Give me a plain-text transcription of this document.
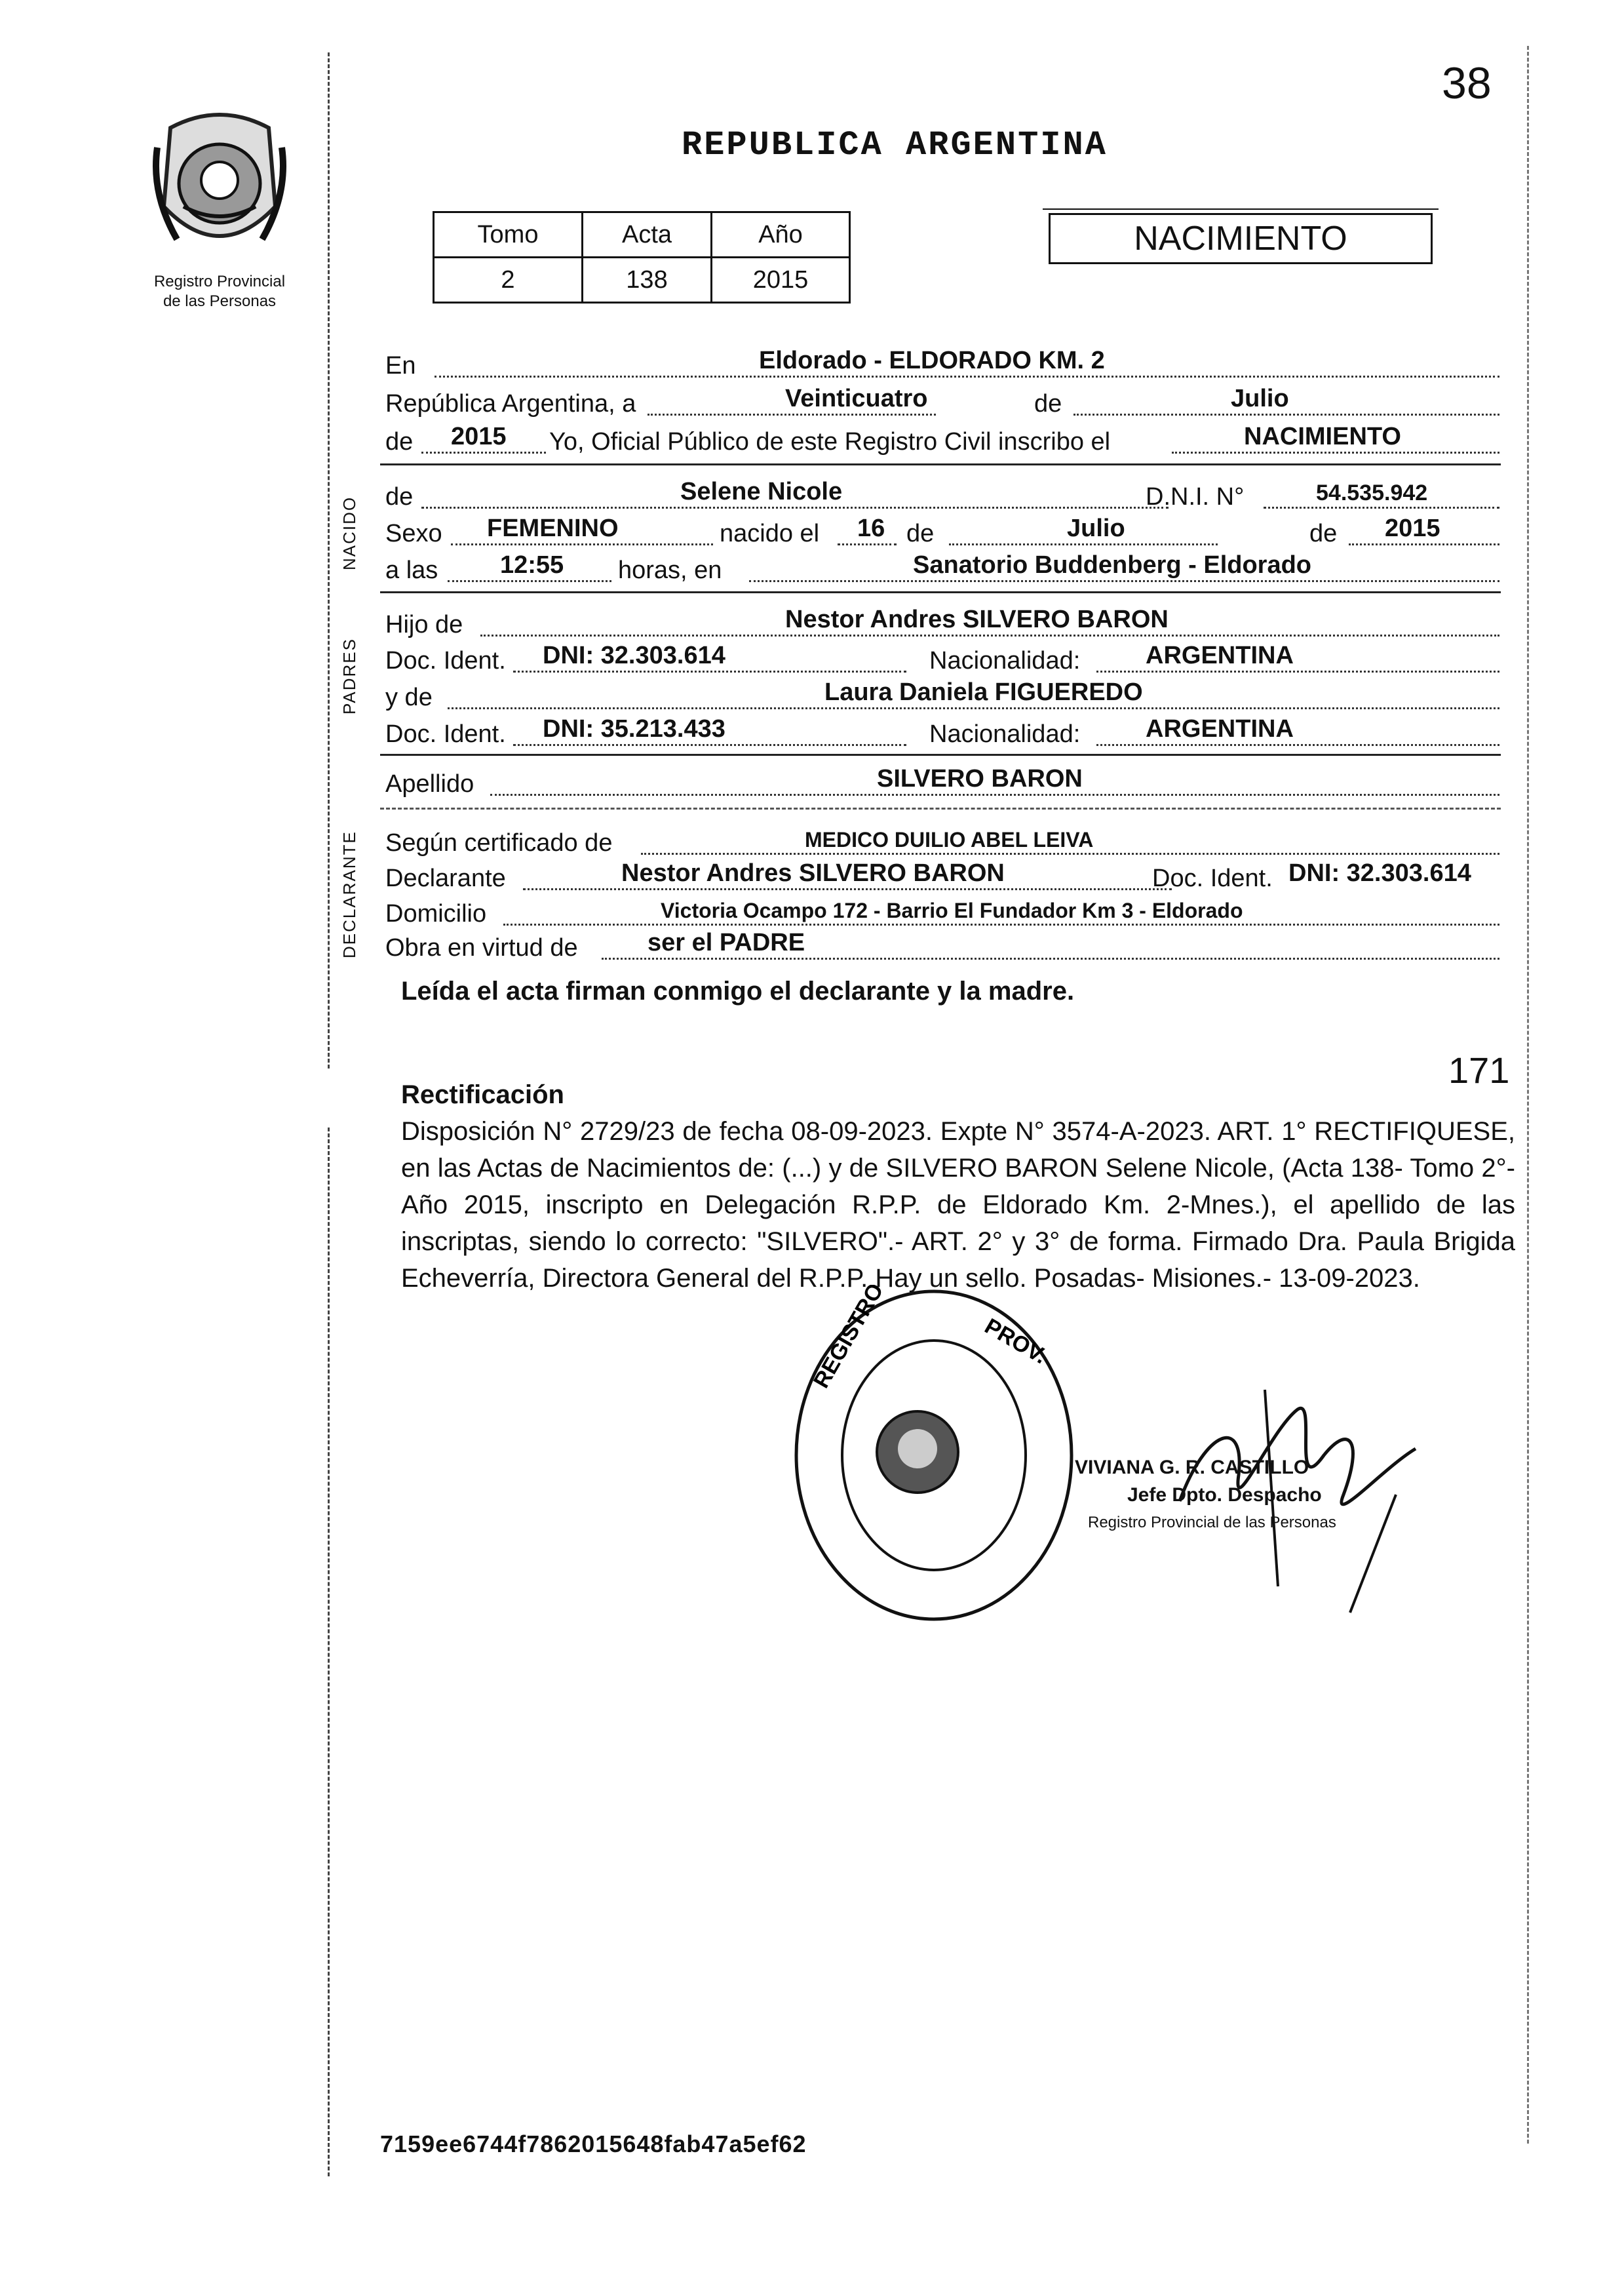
38
Registro Provincial
de las Personas
REPUBLICA ARGENTINA
Tomo	Acta	Año
2	138	2015
NACIMIENTO
NACIDO
PADRES
DECLARANTE
En	Eldorado - ELDORADO KM. 2
República Argentina, a	Veinticuatro	de	Julio
de 2015 Yo, Oficial Público de este Registro Civil inscribo el	NACIMIENTO
de	Selene Nicole	D.N.I. N°	54.535.942
Sexo FEMENINO	nacido el 16 de	Julio	de 2015
a las 12:55 horas, en	Sanatorio Buddenberg - Eldorado
Hijo de	Nestor Andres SILVERO BARON
Doc. Ident. DNI: 32.303.614	Nacionalidad:	ARGENTINA
y de	Laura Daniela FIGUEREDO
Doc. Ident. DNI: 35.213.433	Nacionalidad:	ARGENTINA
Apellido	SILVERO BARON
Según certificado de	MEDICO DUILIO ABEL LEIVA
Declarante	Nestor Andres SILVERO BARON	Doc. Ident. DNI: 32.303.614
Domicilio	Victoria Ocampo 172 - Barrio El Fundador Km 3 - Eldorado
Obra en virtud de	ser el PADRE
Leída el acta firman conmigo el declarante y la madre.
171
Rectificación
Disposición N° 2729/23 de fecha 08-09-2023. Expte N° 3574-A-2023. ART. 1° RECTIFIQUESE, en las Actas de Nacimientos de: (...) y de SILVERO BARON Selene Nicole, (Acta 138- Tomo 2°- Año 2015, inscripto en Delegación R.P.P. de Eldorado Km. 2-Mnes.), el apellido de las inscriptas, siendo lo correcto: "SILVERO".- ART. 2° y 3° de forma. Firmado Dra. Paula Brigida Echeverría, Directora General del R.P.P. Hay un sello. Posadas- Misiones.- 13-09-2023.
REGISTRO	PROV.
VIVIANA G. R. CASTILLO
Jefe Dpto. Despacho
Registro Provincial de las Personas
7159ee6744f7862015648fab47a5ef62
